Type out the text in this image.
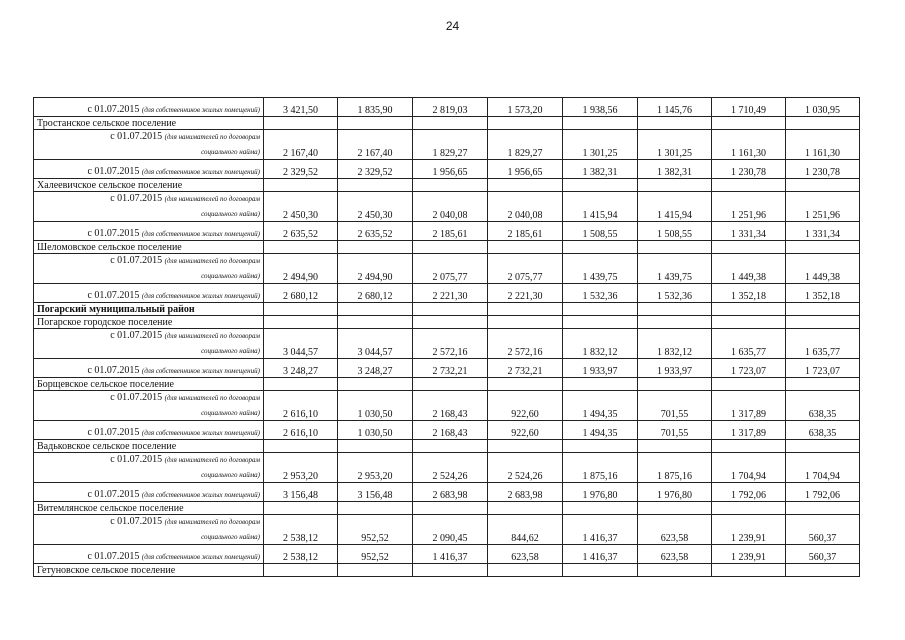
24
с 01.07.2015 (для собственников жилых помещений)	3 421,50	1 835,90	2 819,03	1 573,20	1 938,56	1 145,76	1 710,49	1 030,95
Тростанское сельское поселение								

с 01.07.2015 (для нанимателей по договорам
социального найма)	2 167,40	2 167,40	1 829,27	1 829,27	1 301,25	1 301,25	1 161,30	1 161,30
с 01.07.2015 (для собственников жилых помещений)	2 329,52	2 329,52	1 956,65	1 956,65	1 382,31	1 382,31	1 230,78	1 230,78
Халеевичское сельское поселение								

с 01.07.2015 (для нанимателей по договорам
социального найма)	2 450,30	2 450,30	2 040,08	2 040,08	1 415,94	1 415,94	1 251,96	1 251,96
с 01.07.2015 (для собственников жилых помещений)	2 635,52	2 635,52	2 185,61	2 185,61	1 508,55	1 508,55	1 331,34	1 331,34
Шеломовское сельское поселение								

с 01.07.2015 (для нанимателей по договорам
социального найма)	2 494,90	2 494,90	2 075,77	2 075,77	1 439,75	1 439,75	1 449,38	1 449,38
с 01.07.2015 (для собственников жилых помещений)	2 680,12	2 680,12	2 221,30	2 221,30	1 532,36	1 532,36	1 352,18	1 352,18
Погарский муниципальный район								
Погарское городское поселение								

с 01.07.2015 (для нанимателей по договорам
социального найма)	3 044,57	3 044,57	2 572,16	2 572,16	1 832,12	1 832,12	1 635,77	1 635,77
с 01.07.2015 (для собственников жилых помещений)	3 248,27	3 248,27	2 732,21	2 732,21	1 933,97	1 933,97	1 723,07	1 723,07
Борщевское сельское поселение								

с 01.07.2015 (для нанимателей по договорам
социального найма)	2 616,10	1 030,50	2 168,43	922,60	1 494,35	701,55	1 317,89	638,35
с 01.07.2015 (для собственников жилых помещений)	2 616,10	1 030,50	2 168,43	922,60	1 494,35	701,55	1 317,89	638,35
Вадьковское сельское поселение								

с 01.07.2015 (для нанимателей по договорам
социального найма)	2 953,20	2 953,20	2 524,26	2 524,26	1 875,16	1 875,16	1 704,94	1 704,94
с 01.07.2015 (для собственников жилых помещений)	3 156,48	3 156,48	2 683,98	2 683,98	1 976,80	1 976,80	1 792,06	1 792,06
Витемлянское сельское поселение								

с 01.07.2015 (для нанимателей по договорам
социального найма)	2 538,12	952,52	2 090,45	844,62	1 416,37	623,58	1 239,91	560,37
с 01.07.2015 (для собственников жилых помещений)	2 538,12	952,52	1 416,37	623,58	1 416,37	623,58	1 239,91	560,37
Гетуновское сельское поселение								
